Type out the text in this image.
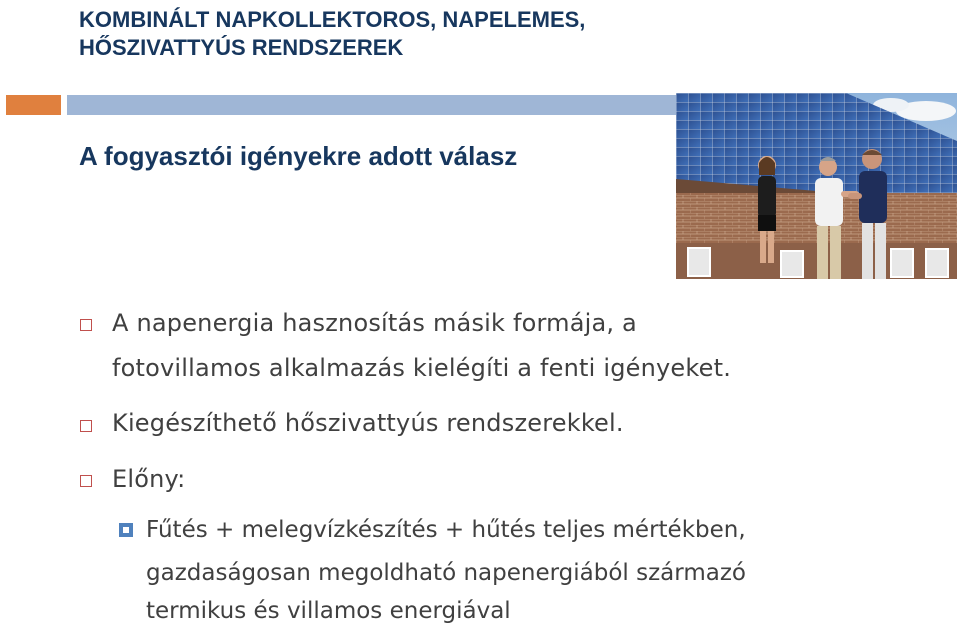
KOMBINÁLT NAPKOLLEKTOROS, NAPELEMES,
HŐSZIVATTYÚS RENDSZEREK
A fogyasztói igényekre adott válasz
A napenergia hasznosítás másik formája, a
fotovillamos alkalmazás kielégíti a fenti igényeket.
Kiegészíthető hőszivattyús rendszerekkel.
Előny:
Fűtés + melegvízkészítés + hűtés teljes mértékben,
gazdaságosan megoldható napenergiából származó
termikus és villamos energiával
